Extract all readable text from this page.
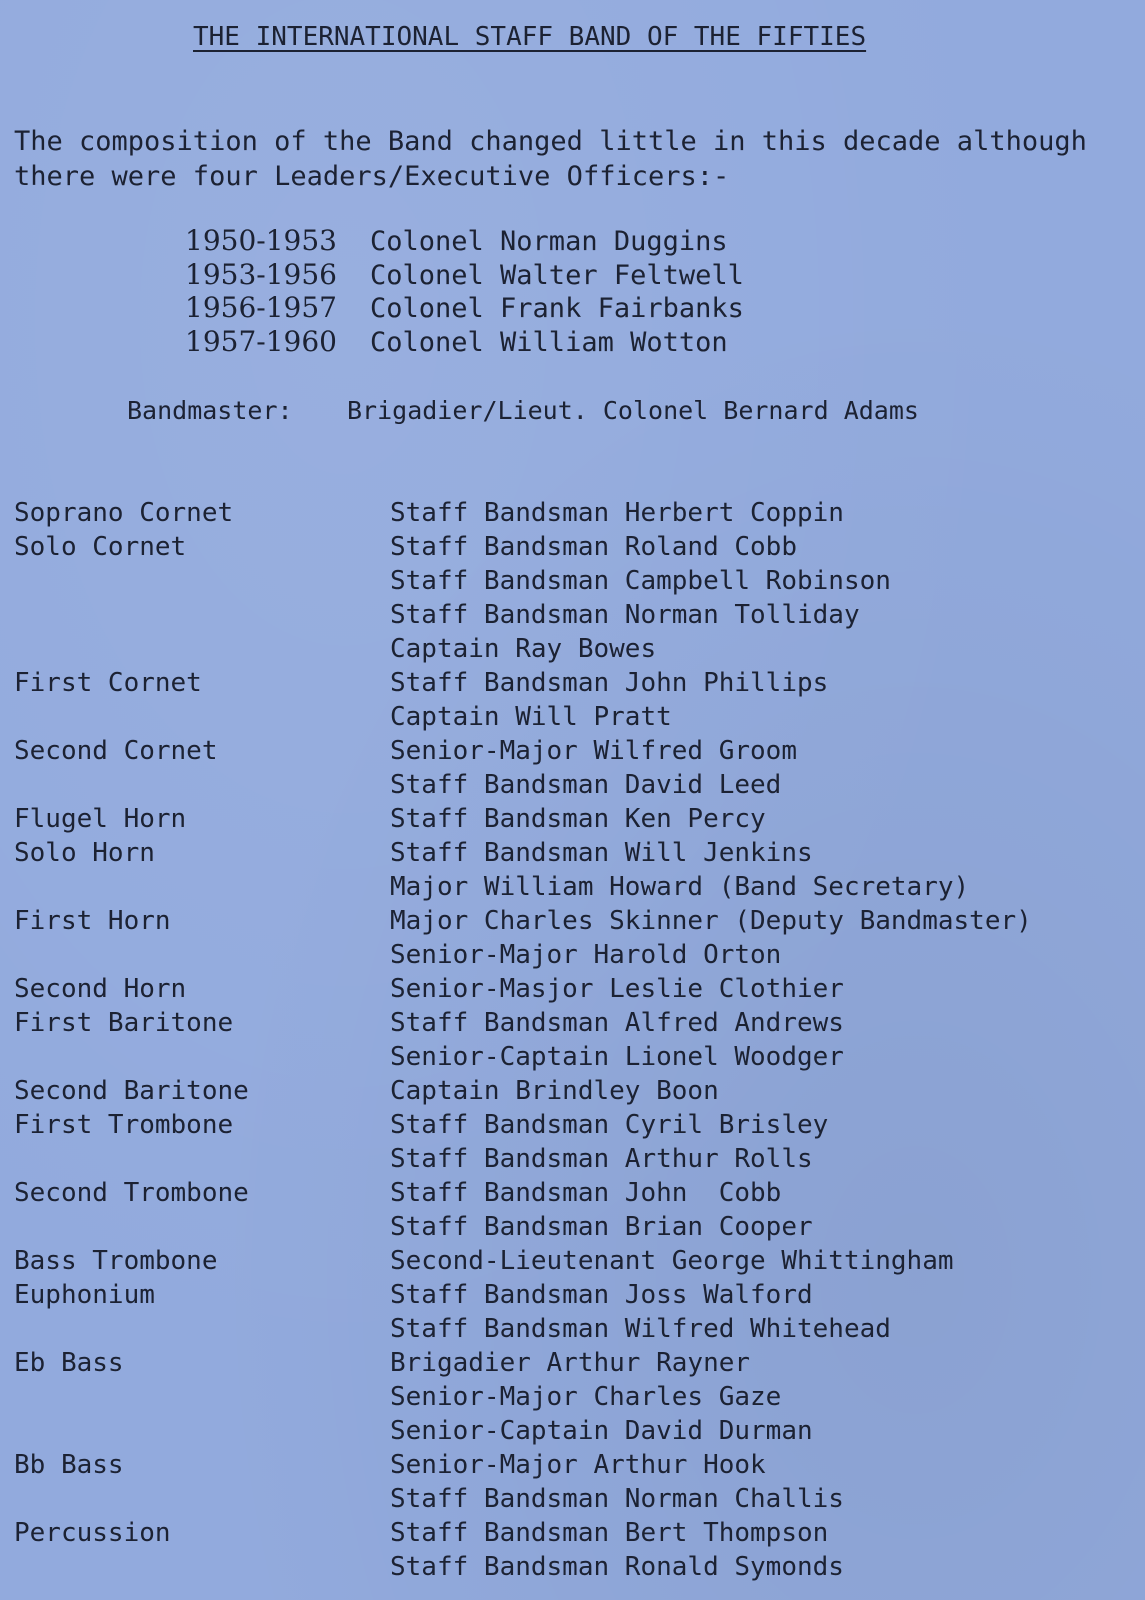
THE INTERNATIONAL STAFF BAND OF THE FIFTIES
The composition of the Band changed little in this decade although
there were four Leaders/Executive Officers:-
1950-1953 Colonel Norman Duggins
1953-1956 Colonel Walter Feltwell
1956-1957 Colonel Frank Fairbanks
1957-1960 Colonel William Wotton
Bandmaster: Brigadier/Lieut. Colonel Bernard Adams
Soprano Cornet	Staff Bandsman Herbert Coppin
Solo Cornet	Staff Bandsman Roland Cobb
Staff Bandsman Campbell Robinson
Staff Bandsman Norman Tolliday
Captain Ray Bowes
First Cornet	Staff Bandsman John Phillips
Captain Will Pratt
Second Cornet	Senior-Major Wilfred Groom
Staff Bandsman David Leed
Flugel Horn	Staff Bandsman Ken Percy
Solo Horn	Staff Bandsman Will Jenkins
Major William Howard (Band Secretary)
First Horn	Major Charles Skinner (Deputy Bandmaster)
Senior-Major Harold Orton
Second Horn	Senior-Masjor Leslie Clothier
First Baritone	Staff Bandsman Alfred Andrews
Senior-Captain Lionel Woodger
Second Baritone	Captain Brindley Boon
First Trombone	Staff Bandsman Cyril Brisley
Staff Bandsman Arthur Rolls
Second Trombone	Staff Bandsman John  Cobb
Staff Bandsman Brian Cooper
Bass Trombone	Second-Lieutenant George Whittingham
Euphonium	Staff Bandsman Joss Walford
Staff Bandsman Wilfred Whitehead
Eb Bass	Brigadier Arthur Rayner
Senior-Major Charles Gaze
Senior-Captain David Durman
Bb Bass	Senior-Major Arthur Hook
Staff Bandsman Norman Challis
Percussion	Staff Bandsman Bert Thompson
Staff Bandsman Ronald Symonds
